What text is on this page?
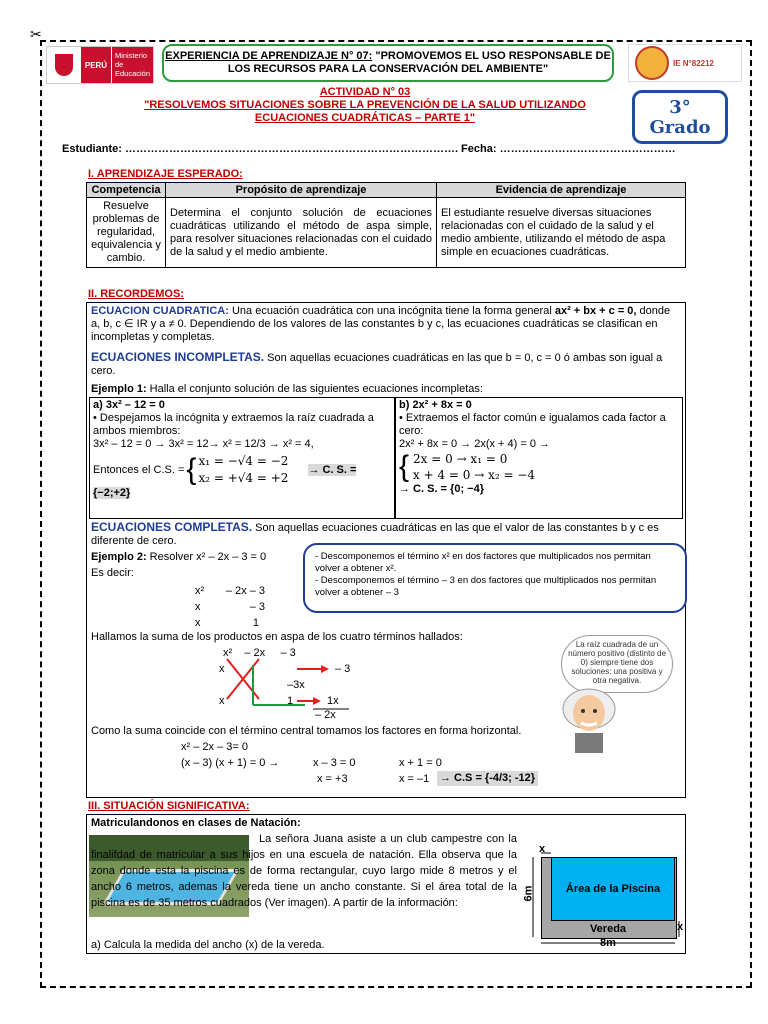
✂
PERÚ
Ministerio de Educación
EXPERIENCIA DE APRENDIZAJE N° 07: "PROMOVEMOS EL USO RESPONSABLE DE LOS RECURSOS PARA LA CONSERVACIÓN DEL AMBIENTE"	IE N°82212
ACTIVIDAD N° 03
"RESOLVEMOS SITUACIONES SOBRE LA PREVENCIÓN DE LA SALUD UTILIZANDO
ECUACIONES CUADRÁTICAS – PARTE 1"	3°
Grado
Estudiante: ………………………………………………………………………………. Fecha: …………………………………………
I. APRENDIZAJE ESPERADO:
Competencia	Propósito de aprendizaje	Evidencia de aprendizaje
Resuelve problemas de regularidad, equivalencia y cambio.	Determina el conjunto solución de ecuaciones cuadráticas utilizando el método de aspa simple, para resolver situaciones relacionadas con el cuidado de la salud y el medio ambiente.	El estudiante resuelve diversas situaciones relacionadas con el cuidado de la salud y el medio ambiente, utilizando el método de aspa simple en ecuaciones cuadráticas.
II. RECORDEMOS:
ECUACION CUADRATICA: Una ecuación cuadrática con una incógnita tiene la forma general ax² + bx + c = 0, donde a, b, c ∈ IR y a ≠ 0. Dependiendo de los valores de las constantes b y c, las ecuaciones cuadráticas se clasifican en incompletas y completas.
ECUACIONES INCOMPLETAS. Son aquellas ecuaciones cuadráticas en las que b = 0, c = 0 ó ambas son igual a cero.
Ejemplo 1: Halla el conjunto solución de las siguientes ecuaciones incompletas:
a) 3x² – 12 = 0
• Despejamos la incógnita y extraemos la raíz cuadrada a ambos miembros:
3x² – 12 = 0 → 3x² = 12→ x² = 12/3 → x² = 4,
Entonces el C.S. = { x₁ = −√4 = −2
x₂ = +√4 = +2
→ C. S. =
{−2;+2}
b) 2x² + 8x = 0
• Extraemos el factor común e igualamos cada factor a cero:
2x² + 8x = 0 → 2x(x + 4) = 0 →
{ 2x = 0 → x₁ = 0
x + 4 = 0 → x₂ = −4
→ C. S. = {0; −4}
ECUACIONES COMPLETAS. Son aquellas ecuaciones cuadráticas en las que el valor de las constantes b y c es diferente de cero.
Ejemplo 2: Resolver x² – 2x – 3 = 0
Es decir:
x² – 2x – 3
x	– 3
x	1
- Descomponemos el término x² en dos factores que multiplicados nos permitan volver a obtener x².
- Descomponemos el término – 3 en dos factores que multiplicados nos permitan volver a obtener – 3
Hallamos la suma de los productos en aspa de los cuatro términos hallados:
x²    – 2x     – 3
x	– 3
–3x
x	1	1x
– 2x
La raíz cuadrada de un número positivo (distinto de 0) siempre tiene dos soluciones: una positiva y otra negativa.
Como la suma coincide con el término central tomamos los factores en forma horizontal.
x² – 2x – 3= 0
(x – 3) (x + 1) = 0 →	x – 3 = 0	x + 1 = 0
x = +3	x = –1 → C.S = {-4/3; -12}
III. SITUACIÓN SIGNIFICATIVA:
Matriculandonos en clases de Natación:
La señora Juana asiste a un club campestre con la finalifdad de matricular a sus hijos en una escuela de natación. Ella observa que la zona donde esta la piscina es de forma rectangular, cuyo largo mide 8 metros y el ancho 6 metros, ademas la vereda tiene un ancho constante. Si el área total de la piscina es de 35 metros cuadrados (Ver imagen). A partir de la información:
a) Calcula la medida del ancho (x) de la vereda.
Área de la Piscina
Vereda
x
x
6m
8m
